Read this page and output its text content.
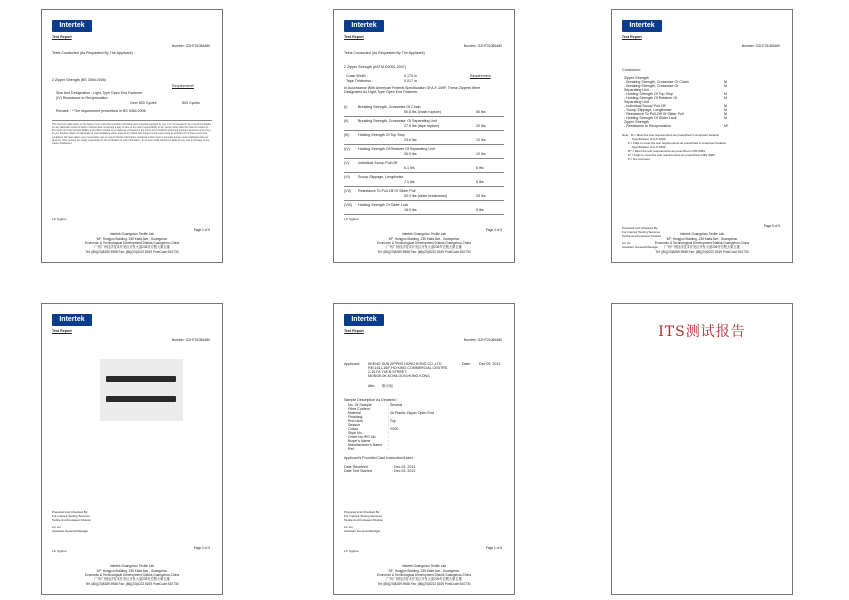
Intertek
Test Report
Number: GZHT01086480
Tests Conducted (As Requested By The Applicant)
2 Zipper Strength (BS 3084:2006)
Requirement*
Size And Designation : Light-Type Open End Fastener
(IV) Resistance to Reciprocation
Over 500 Cycles	500 Cycles
Remark : * The requirement prescribed in BS 3084:2006
This report is made solely on the basis of your instructions and/or information and materials supplied by you. It is not intended to be a recommendation for any particular course of action. Intertek does not accept a duty of care or any other responsibility to any person other than the Client in respect of this report and only accepts liability to the Client insofar as is expressly contained in the terms and conditions governing Intertek's provision of services to you. Intertek makes no warranties or representations either express or implied with respect to this report save as provided for in those terms and conditions. We have taken every reasonable care to ensure that the information contained in this report is accurate but we must emphasise that you (and any other person) are solely responsible for the verification of such information. In no event shall Intertek be liable for any loss or damage of any nature whatsoever.
LJ/ hyghou
Page 1 of 5
Intertek Guangzhou Textile Lab
5/F, Hongjun Building, 235 Kaifa Ave., Guangzhou
Economic & Technological Development District,Guangzhou,China
广州广州经济技术开发区开发大道235号宏骏大厦五楼
Tel: (86)(20)8289 5988 Fax: (86)(20)8222 8169 PostCode:510730
Intertek
Test Report
Number: GZHT01086480
Tests Conducted (As Requested By The Applicant)
2 Zipper Strength (ASTM D2061-2007)
Chain Width :	0.175 in
Tape Thickness :	0.017 in
Requirement
In Accordance With American Federal Specification Of A-F-109F, These Zippers Were Designated As Light-Type Open End Fastener.
(I)	Breaking Strength, Crosswise Of Chain
50.8 lbs (chain rupture)	60 lbs
(II)	Breaking Strength, Crosswise, Of Separating Unit
27.6 lbs (tape rupture)	20 lbs
(III) Holding Strength Of Top Stop
23.6 lbs	10 lbs
(IV) Holding Strength Of Retainer Of Separating Unit
35.5 lbs	10 lbs
(V)	Individual Scoop Pull-Off
6.1 lbs	6 lbs
(VI) Scoop Slippage, Lengthwise
7.1 lbs	6 lbs
(VII) Resistance To Pull-Off Of Slider Pull
50.9 lbs (slider breakdown)	25 lbs
(VIII) Holding Strength Of Slider Lock
18.5 lbs	5 lbs
LJ/ hyghou
Page 4 of 5
Intertek Guangzhou Textile Lab
5/F, Hongjun Building, 235 Kaifa Ave., Guangzhou
Economic & Technological Development District,Guangzhou,China
广州广州经济技术开发区开发大道235号宏骏大厦五楼
Tel: (86)(20)8289 5988 Fax: (86)(20)8222 8169 PostCode:510730
Intertek
Test Report
Number: GZHT01086480
Conclusion:
Zipper Strength
- Breaking Strength, Crosswise Of Chain	M
- Breaking Strength, Crosswise Of	M
Separating Unit
- Holding Strength Of Top Stop	M
- Holding Strength Of Retainer Of	M
Separating Unit
- Individual Scoop Pull-Off	M
- Scoop Slippage, Lengthwise	M
- Resistance To Pull-Off Of Slider Pull	M
- Holding Strength Of Slider Lock	M
Zipper Strength
- Resistance to Reciprocation	M*
Note : M = Meet the test requirements as prescribed in American Federal
Specification of A-F-109F
F = Fails to meet the test requirements as prescribed in American Federal
Specification of A-F-109F
M* = Meet the test requirements as prescribed in BS 3084
F* = Fails to meet the test requirements as prescribed in BS 3084
# = No comment.
Prepared And Checked By:
For Intertek Testing Services
Textile And Footwear Division
Lin Lin
Assistant General Manager
Page 5 of 5
Intertek Guangzhou Textile Lab
5/F, Hongjun Building, 235 Kaifa Ave., Guangzhou
Economic & Technological Development District,Guangzhou,China
广州广州经济技术开发区开发大道235号宏骏大厦五楼
Tel: (86)(20)8289 5988 Fax: (86)(20)8222 8169 PostCode:510730
Intertek
Test Report
Number: GZHT01086480
Prepared And Checked By:
For Intertek Testing Services
Textile And Footwear Division
Lin Lin
Assistant General Manager
LJ/ hyghou
Page 2 of 5
Intertek Guangzhou Textile Lab
5/F, Hongjun Building, 235 Kaifa Ave., Guangzhou
Economic & Technological Development District,Guangzhou,China
广州广州经济技术开发区开发大道235号宏骏大厦五楼
Tel: (86)(20)8289 5988 Fax: (86)(20)8222 8169 PostCode:510730
Intertek
Test Report
Number: GZHT01086480
Applicant: KEENG SUN ZIPPER HONG KONG CO.,LTD
RM 1611,16/F,HO KING COMMERCIAL CENTRE,
2-16 FA YUEN STREET,
MONGKOK,KOWLOON,HONG KONG
Date: Dec 09, 2013
Attn: 陈小姐
Sample Description As Declared :
No. Of Sample	: Several
Fibre Content	:
Material	: 3# Plastic Zipper Open End
Finishing	:
End uses	: Top
Season	:
Colour	: Y500
Style No.	:
Order No./PO No.	:
Buyer's Name	:
Manufacturer's Name :
Ref.	:
Applicant's Provided Care Instruction/Label :
Date Received	: Dec 03, 2013
Date Test Started	: Dec 03, 2013
Prepared And Checked By:
For Intertek Testing Services
Textile And Footwear Division
Lin Lin
Assistant General Manager
LJ/ hyghou
Page 1 of 5
Intertek Guangzhou Textile Lab
5/F, Hongjun Building, 235 Kaifa Ave., Guangzhou
Economic & Technological Development District,Guangzhou,China
广州广州经济技术开发区开发大道235号宏骏大厦五楼
Tel: (86)(20)8289 5988 Fax: (86)(20)8222 8169 PostCode:510730
ITS测试报告
